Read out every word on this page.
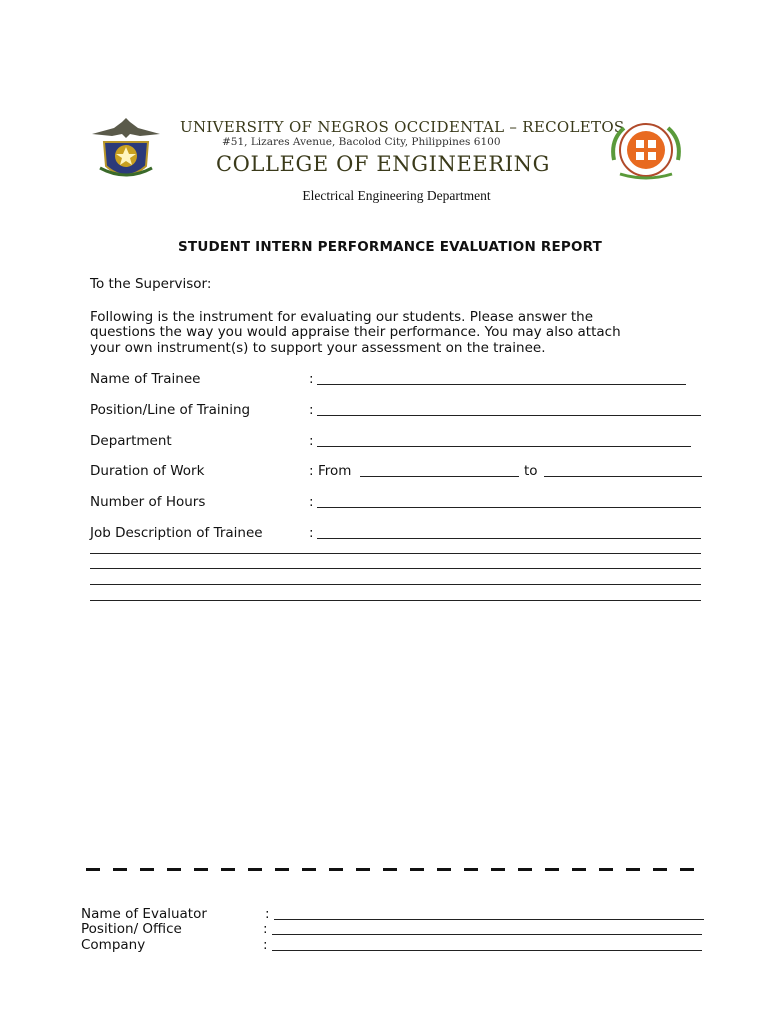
UNIVERSITY OF NEGROS OCCIDENTAL – RECOLETOS
#51, Lizares Avenue, Bacolod City, Philippines 6100
COLLEGE OF ENGINEERING
Electrical Engineering Department
STUDENT INTERN PERFORMANCE EVALUATION REPORT
To the Supervisor:
Following is the instrument for evaluating our students. Please answer the
questions the way you would appraise their performance. You may also attach
your own instrument(s) to support your assessment on the trainee.
Name of Trainee	:
Position/Line of Training	:
Department	:
Duration of Work	: From	to
Number of Hours	:
Job Description of Trainee	:
Name of Evaluator	:
Position/ Office	:
Company	:
